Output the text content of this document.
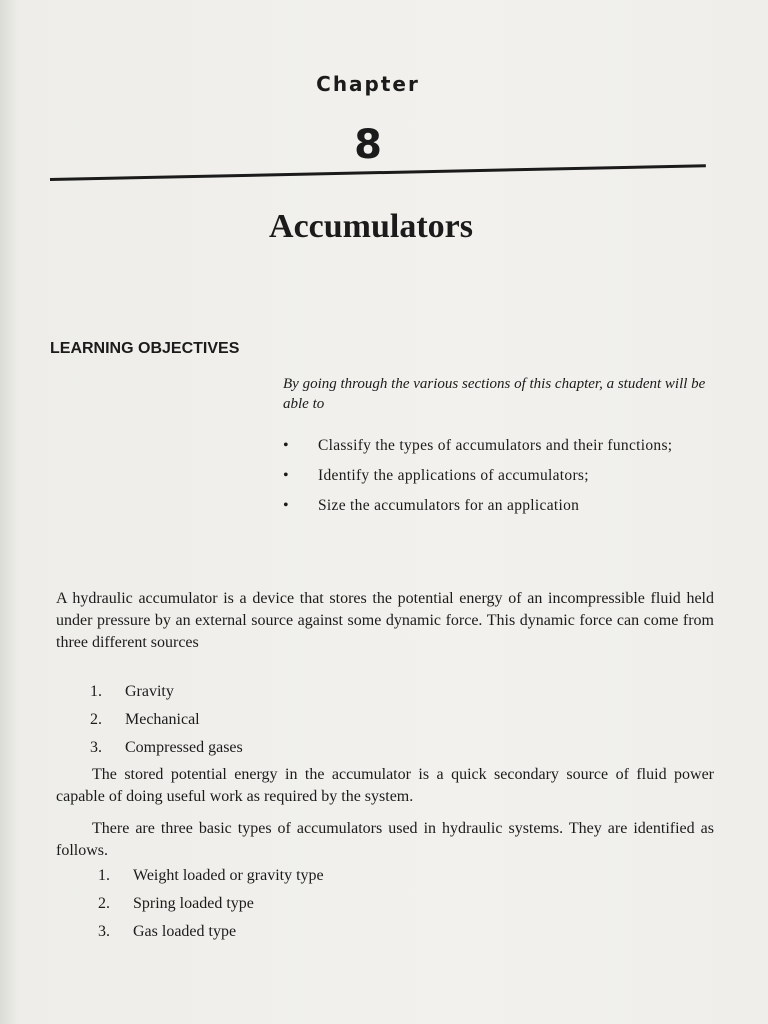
Chapter
8
Accumulators
LEARNING OBJECTIVES
By going through the various sections of this chapter, a student will be able to
• Classify the types of accumulators and their functions;
• Identify the applications of accumulators;
• Size the accumulators for an application

A hydraulic accumulator is a device that stores the potential energy of an incompressible fluid held under pressure by an external source against some dynamic force. This dynamic force can come from three different sources

1. Gravity
2. Mechanical
3. Compressed gases

The stored potential energy in the accumulator is a quick secondary source of fluid power capable of doing useful work as required by the system.

There are three basic types of accumulators used in hydraulic systems. They are identified as follows.

1. Weight loaded or gravity type
2. Spring loaded type
3. Gas loaded type
